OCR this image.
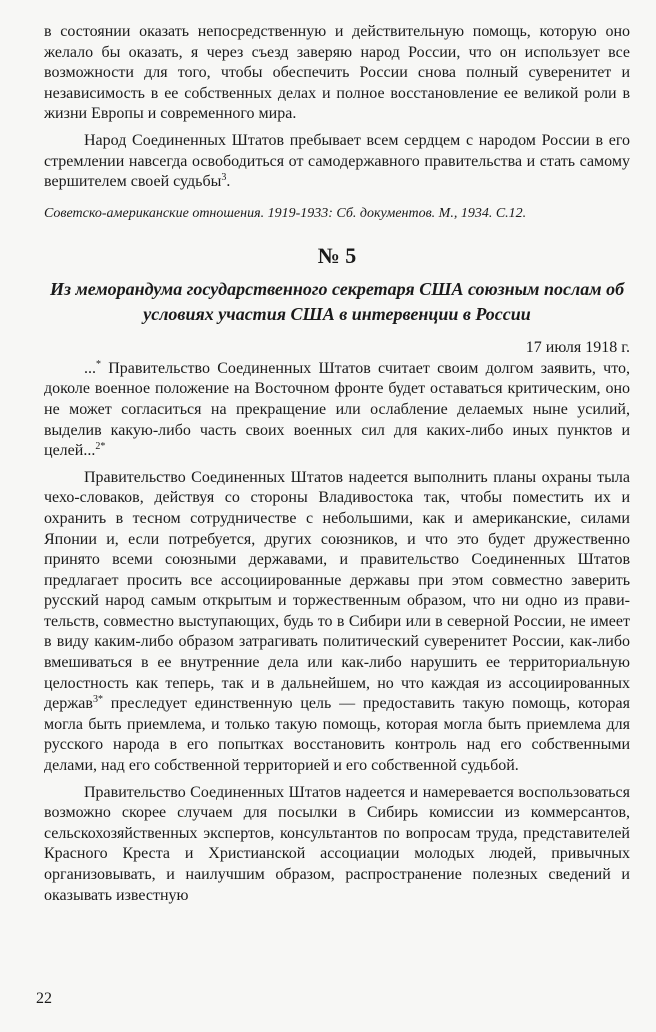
в состоянии оказать непосредственную и действительную помощь, которую оно желало бы оказать, я через съезд заверяю народ России, что он использует все возможности для того, чтобы обеспечить России снова полный суверенитет и независимость в ее собственных делах и полное восстановление ее великой роли в жизни Европы и современного мира.

Народ Соединенных Штатов пребывает всем сердцем с народом России в его стремлении навсегда освободиться от самодержавного правительства и стать самому вершителем своей судьбы$^3$.

Советско-американские отношения. 1919-1933: Сб. документов. М., 1934. С.12.

№ 5

Из меморандума государственного секретаря США союзным послам об условиях участия США в интервенции в России

17 июля 1918 г.

...* Правительство Соединенных Штатов считает своим долгом заявить, что, доколе военное положение на Восточном фронте будет оставаться критическим, оно не может согласиться на прекращение или ослабление делаемых ныне усилий, выделив какую-либо часть своих военных сил для каких-либо иных пунктов и целей...$^{2*}$

Правительство Соединенных Штатов надеется выполнить планы охраны тыла чехо-словаков, действуя со стороны Владивостока так, чтобы поместить их и охранить в тесном сотрудничестве с небольшими, как и американские, силами Японии и, если потребуется, других союзников, и что это будет дружественно принято всеми союзными державами, и правительство Соединенных Штатов предлагает просить все ассоциированные державы при этом совместно заверить русский народ самым открытым и торжественным образом, что ни одно из правительств, совместно выступающих, будь то в Сибири или в северной России, не имеет в виду каким-либо образом затрагивать политический суверенитет России, как-либо вмешиваться в ее внутренние дела или как-либо нарушить ее территориальную целостность как теперь, так и в дальнейшем, но что каждая из ассоциированных держав$^{3*}$ преследует единственную цель — предоставить такую помощь, которая могла быть приемлема, и только такую помощь, которая могла быть приемлема для русского народа в его попытках восстановить контроль над его собственными делами, над его собственной территорией и его собственной судьбой.

Правительство Соединенных Штатов надеется и намеревается воспользоваться возможно скорее случаем для посылки в Сибирь комиссии из коммерсантов, сельскохозяйственных экспертов, консультантов по вопросам труда, представителей Красного Креста и Христианской ассоциации молодых людей, привычных организовывать, и наилучшим образом, распространение полезных сведений и оказывать известную

22
